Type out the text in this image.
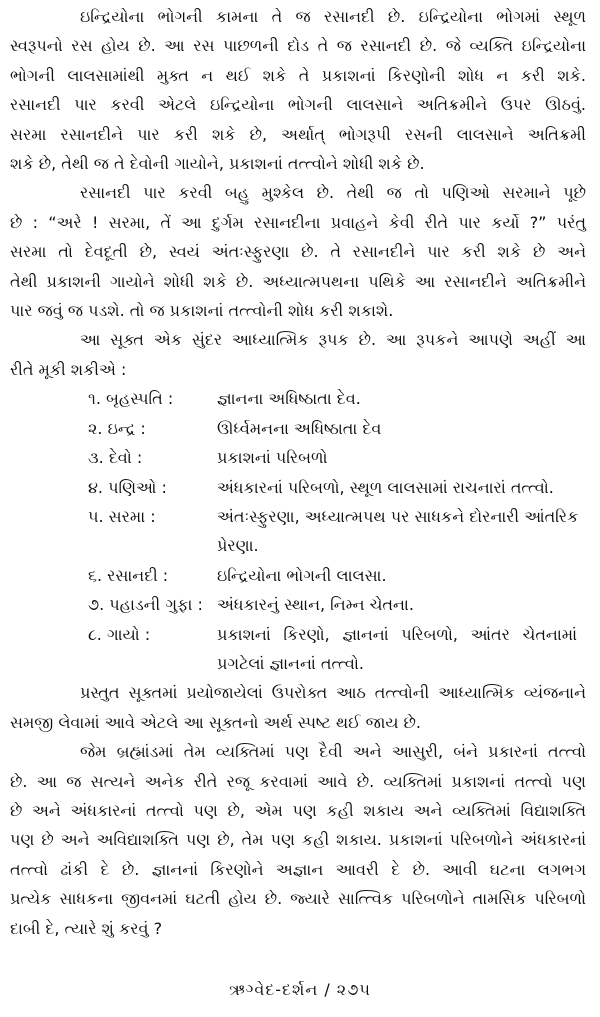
ઇન્દ્રિયોના ભોગની કામના તે જ રસાનદી છે. ઇન્દ્રિયોના ભોગમાં સ્થૂળ
સ્વરૂપનો રસ હોય છે. આ રસ પાછળની દોડ તે જ રસાનદી છે. જે વ્યક્તિ ઇન્દ્રિયોના
ભોગની લાલસામાંથી મુક્ત ન થઈ શકે તે પ્રકાશનાં કિરણોની શોધ ન કરી શકે.
રસાનદી પાર કરવી એટલે ઇન્દ્રિયોના ભોગની લાલસાને અતિક્રમીને ઉપર ઊઠવું.
સરમા રસાનદીને પાર કરી શકે છે, અર્થાત્ ભોગરૂપી રસની લાલસાને અતિક્રમી
શકે છે, તેથી જ તે દેવોની ગાયોને, પ્રકાશનાં તત્ત્વોને શોધી શકે છે.

રસાનદી પાર કરવી બહુ મુશ્કેલ છે. તેથી જ તો પણિઓ સરમાને પૂછે
છે : “અરે ! સરમા, તેં આ દુર્ગમ રસાનદીના પ્રવાહને કેવી રીતે પાર કર્યો ?” પરંતુ
સરમા તો દેવદૂતી છે, સ્વયં અંતઃસ્ફુરણા છે. તે રસાનદીને પાર કરી શકે છે અને
તેથી પ્રકાશની ગાયોને શોધી શકે છે. અધ્યાત્મપથના પથિકે આ રસાનદીને અતિક્રમીને
પાર જવું જ પડશે. તો જ પ્રકાશનાં તત્ત્વોની શોધ કરી શકાશે.

આ સૂક્ત એક સુંદર આધ્યાત્મિક રૂપક છે. આ રૂપકને આપણે અહીં આ
રીતે મૂકી શકીએ :

૧. બૃહસ્પતિ :	જ્ઞાનના અધિષ્ઠાતા દેવ.
૨. ઇન્દ્ર :	ઊર્ધ્વમનના અધિષ્ઠાતા દેવ
૩. દેવો :	પ્રકાશનાં પરિબળો
૪. પણિઓ :	અંધકારનાં પરિબળો, સ્થૂળ લાલસામાં રાચનારાં તત્ત્વો.
૫. સરમા :	અંતઃસ્ફુરણા, અધ્યાત્મપથ પર સાધકને દોરનારી આંતરિક
પ્રેરણા.
૬. રસાનદી :	ઇન્દ્રિયોના ભોગની લાલસા.
૭. પહાડની ગુફા : અંધકારનું સ્થાન, નિમ્ન ચેતના.
૮. ગાયો :	પ્રકાશનાં કિરણો, જ્ઞાનનાં પરિબળો, આંતર ચેતનામાં
પ્રગટેલાં જ્ઞાનનાં તત્ત્વો.

પ્રસ્તુત સૂક્તમાં પ્રયોજાયેલાં ઉપરોક્ત આઠ તત્ત્વોની આધ્યાત્મિક વ્યંજનાને
સમજી લેવામાં આવે એટલે આ સૂક્તનો અર્થ સ્પષ્ટ થઈ જાય છે.

જેમ બ્રહ્માંડમાં તેમ વ્યક્તિમાં પણ દૈવી અને આસુરી, બંને પ્રકારનાં તત્ત્વો
છે. આ જ સત્યને અનેક રીતે રજૂ કરવામાં આવે છે. વ્યક્તિમાં પ્રકાશનાં તત્ત્વો પણ
છે અને અંધકારનાં તત્ત્વો પણ છે, એમ પણ કહી શકાય અને વ્યક્તિમાં વિદ્યાશક્તિ
પણ છે અને અવિદ્યાશક્તિ પણ છે, તેમ પણ કહી શકાય. પ્રકાશનાં પરિબળોને અંધકારનાં
તત્ત્વો ઢાંકી દે છે. જ્ઞાનનાં કિરણોને અજ્ઞાન આવરી દે છે. આવી ઘટના લગભગ
પ્રત્યેક સાધકના જીવનમાં ઘટતી હોય છે. જ્યારે સાત્ત્વિક પરિબળોને તામસિક પરિબળો
દાબી દે, ત્યારે શું કરવું ?

ઋગ્વેદ-દર્શન / ૨૭૫
